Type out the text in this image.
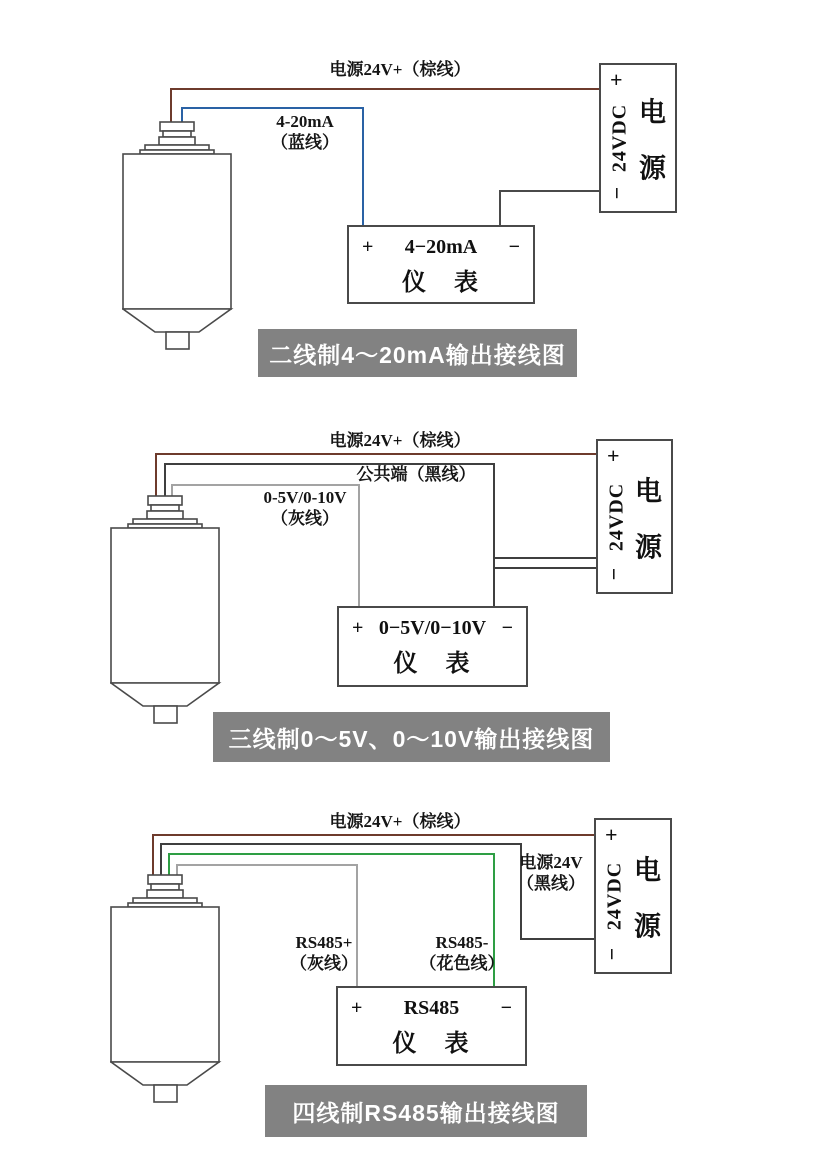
电源24V+（棕线）
4-20mA
（蓝线）
+ 4−20mA −
仪　表
+
−
24VDC 电
源
二线制4～20mA输出接线图
电源24V+（棕线）
公共端（黑线）
0-5V/0-10V
（灰线）
+ 0−5V/0−10V −
仪　表
+
−
24VDC 电
源
三线制0～5V、0～10V输出接线图
电源24V+（棕线）
电源24V
（黑线）
RS485+
（灰线）
RS485-
（花色线）
+ RS485 −
仪　表
+
−
24VDC 电
源
四线制RS485输出接线图
